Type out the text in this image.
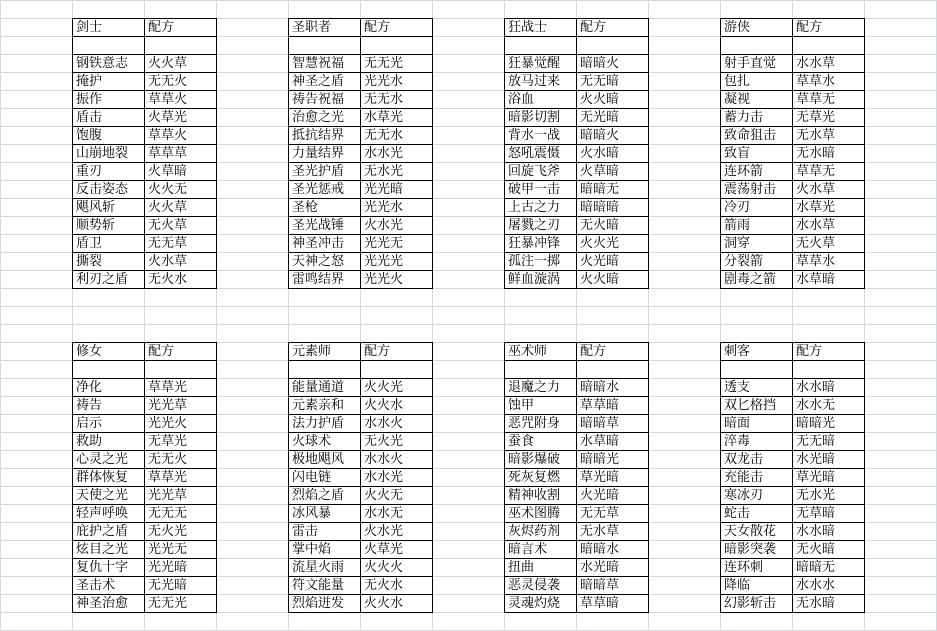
剑士	配方

钢铁意志	火火草
掩护	无无火
振作	草草火
盾击	火草光
饱腹	草草火
山崩地裂	草草草
重刃	火草暗
反击姿态	火火无
飓风斩	火火草
顺势斩	无火草
盾卫	无无草
撕裂	火水草
利刃之盾	无火水
圣职者	配方

智慧祝福	无无光
神圣之盾	光光水
祷告祝福	无无水
治愈之光	水草光
抵抗结界	无无水
力量结界	水水光
圣光护盾	无水光
圣光惩戒	光光暗
圣枪	光光水
圣光战锤	火水光
神圣冲击	光光无
天神之怒	光光光
雷鸣结界	光光火
狂战士	配方

狂暴觉醒	暗暗火
放马过来	无无暗
浴血	火火暗
暗影切割	无光暗
背水一战	暗暗火
怒吼震慑	火水暗
回旋飞斧	火草暗
破甲一击	暗暗无
上古之力	暗暗暗
屠戮之刃	无火暗
狂暴冲锋	火火光
孤注一掷	火光暗
鲜血漩涡	火火暗
游侠	配方

射手直觉	水水草
包扎	草草水
凝视	草草无
蓄力击	无草光
致命狙击	无水草
致盲	无水暗
连环箭	草草无
震荡射击	火水草
冷刃	水草光
箭雨	水水草
洞穿	无火草
分裂箭	草草水
剧毒之箭	水草暗
修女	配方

净化	草草光
祷告	光光草
启示	光光火
救助	无草光
心灵之光	无无火
群体恢复	草草光
天使之光	光光草
轻声呼唤	无无无
庇护之盾	无火光
炫目之光	光光无
复仇十字	光光暗
圣击术	无光暗
神圣治愈	无无光
元素师	配方

能量通道	火火光
元素亲和	火火水
法力护盾	水水火
火球术	无火光
极地飓风	水水火
闪电链	水水光
烈焰之盾	火火无
冰风暴	水水无
雷击	火水光
掌中焰	火草光
流星火雨	火火火
符文能量	无火水
烈焰迸发	火火水
巫术师	配方

退魔之力	暗暗水
蚀甲	草草暗
恶咒附身	暗暗草
蚕食	水草暗
暗影爆破	暗暗光
死灰复燃	草光暗
精神收割	火光暗
巫术图腾	无无草
灰烬药剂	无水草
暗言术	暗暗水
扭曲	水光暗
恶灵侵袭	暗暗草
灵魂灼烧	草草暗
刺客	配方

透支	水水暗
双匕格挡	水水无
暗面	暗暗光
淬毒	无无暗
双龙击	水光暗
充能击	草光暗
寒冰刃	无水光
蛇击	无草暗
天女散花	水水暗
暗影突袭	无火暗
连环刺	暗暗无
降临	水水水
幻影斩击	无水暗
